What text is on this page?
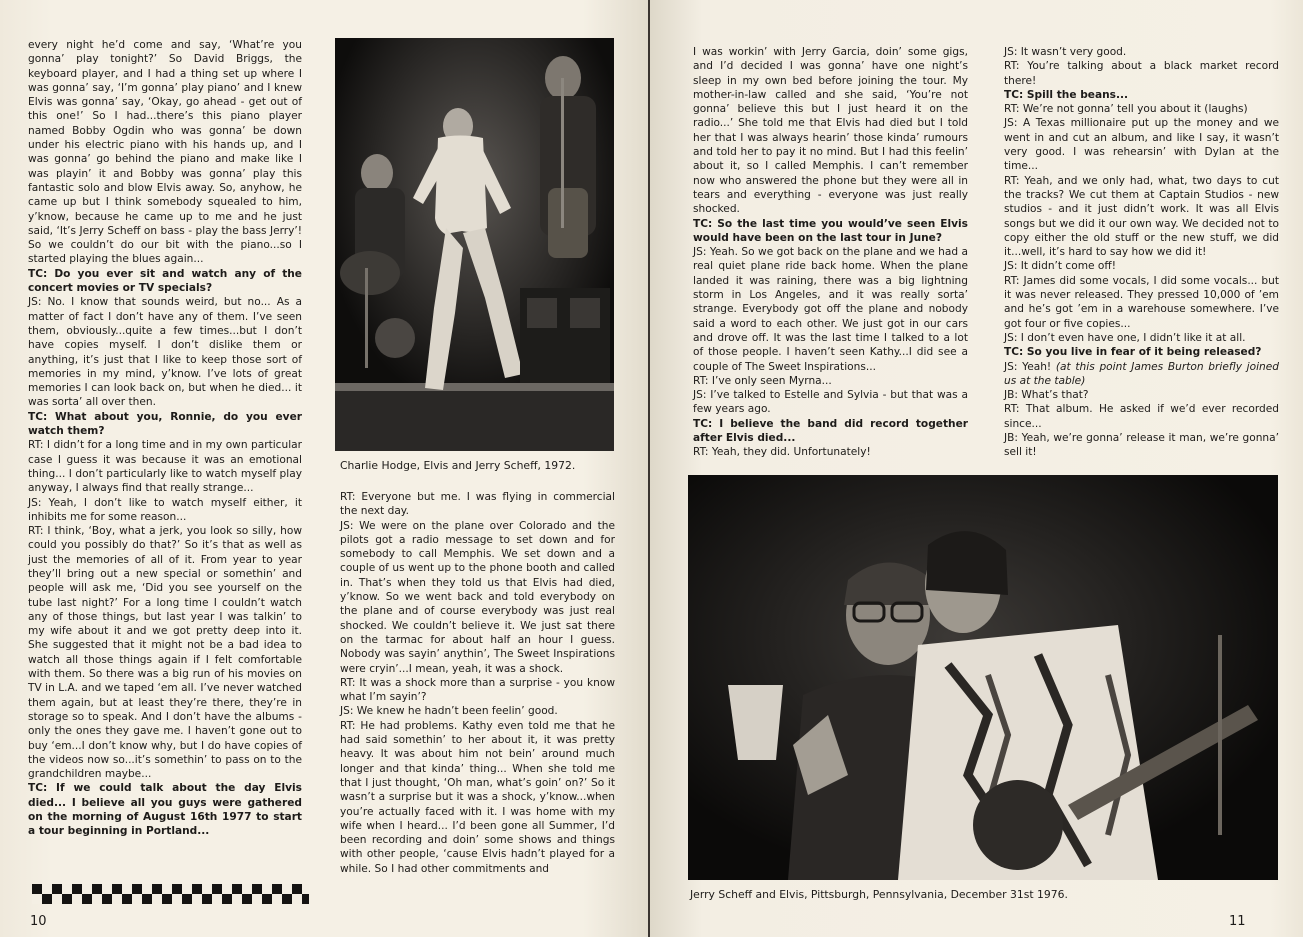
every night he’d come and say, ‘What’re you gonna’ play tonight?’ So David Briggs, the keyboard player, and I had a thing set up where I was gonna’ say, ‘I’m gonna’ play piano’ and I knew Elvis was gonna’ say, ‘Okay, go ahead - get out of this one!’ So I had...there’s this piano player named Bobby Ogdin who was gonna’ be down under his electric piano with his hands up, and I was gonna’ go behind the piano and make like I was playin’ it and Bobby was gonna’ play this fantastic solo and blow Elvis away. So, anyhow, he came up but I think somebody squealed to him, y’know, because he came up to me and he just said, ‘It’s Jerry Scheff on bass - play the bass Jerry’! So we couldn’t do our bit with the piano...so I started playing the blues again...

TC: Do you ever sit and watch any of the concert movies or TV specials?

JS: No. I know that sounds weird, but no... As a matter of fact I don’t have any of them. I’ve seen them, obviously...quite a few times...but I don’t have copies myself. I don’t dislike them or anything, it’s just that I like to keep those sort of memories in my mind, y’know. I’ve lots of great memories I can look back on, but when he died... it was sorta’ all over then.

TC: What about you, Ronnie, do you ever watch them?

RT: I didn’t for a long time and in my own particular case I guess it was because it was an emotional thing... I don’t particularly like to watch myself play anyway, I always find that really strange...

JS: Yeah, I don’t like to watch myself either, it inhibits me for some reason...

RT: I think, ‘Boy, what a jerk, you look so silly, how could you possibly do that?’ So it’s that as well as just the memories of all of it. From year to year they’ll bring out a new special or somethin’ and people will ask me, ‘Did you see yourself on the tube last night?’ For a long time I couldn’t watch any of those things, but last year I was talkin’ to my wife about it and we got pretty deep into it. She suggested that it might not be a bad idea to watch all those things again if I felt comfortable with them. So there was a big run of his movies on TV in L.A. and we taped ‘em all. I’ve never watched them again, but at least they’re there, they’re in storage so to speak. And I don’t have the albums - only the ones they gave me. I haven’t gone out to buy ‘em...I don’t know why, but I do have copies of the videos now so...it’s somethin’ to pass on to the grandchildren maybe...

TC: If we could talk about the day Elvis died... I believe all you guys were gathered on the morning of August 16th 1977 to start a tour beginning in Portland...

Charlie Hodge, Elvis and Jerry Scheff, 1972.

RT: Everyone but me. I was flying in commercial the next day.

JS: We were on the plane over Colorado and the pilots got a radio message to set down and for somebody to call Memphis. We set down and a couple of us went up to the phone booth and called in. That’s when they told us that Elvis had died, y’know. So we went back and told everybody on the plane and of course everybody was just real shocked. We couldn’t believe it. We just sat there on the tarmac for about half an hour I guess. Nobody was sayin’ anythin’, The Sweet Inspirations were cryin’...I mean, yeah, it was a shock.

RT: It was a shock more than a surprise - you know what I’m sayin’?

JS: We knew he hadn’t been feelin’ good.

RT: He had problems. Kathy even told me that he had said somethin’ to her about it, it was pretty heavy. It was about him not bein’ around much longer and that kinda’ thing... When she told me that I just thought, ‘Oh man, what’s goin’ on?’ So it wasn’t a surprise but it was a shock, y’know...when you’re actually faced with it. I was home with my wife when I heard... I’d been gone all Summer, I’d been recording and doin’ some shows and things with other people, ‘cause Elvis hadn’t played for a while. So I had other commitments and

10

I was workin’ with Jerry Garcia, doin’ some gigs, and I’d decided I was gonna’ have one night’s sleep in my own bed before joining the tour. My mother-in-law called and she said, ‘You’re not gonna’ believe this but I just heard it on the radio...’ She told me that Elvis had died but I told her that I was always hearin’ those kinda’ rumours and told her to pay it no mind. But I had this feelin’ about it, so I called Memphis. I can’t remember now who answered the phone but they were all in tears and everything - everyone was just really shocked.

TC: So the last time you would’ve seen Elvis would have been on the last tour in June?

JS: Yeah. So we got back on the plane and we had a real quiet plane ride back home. When the plane landed it was raining, there was a big lightning storm in Los Angeles, and it was really sorta’ strange. Everybody got off the plane and nobody said a word to each other. We just got in our cars and drove off. It was the last time I talked to a lot of those people. I haven’t seen Kathy...I did see a couple of The Sweet Inspirations...

RT: I’ve only seen Myrna...

JS: I’ve talked to Estelle and Sylvia - but that was a few years ago.

TC: I believe the band did record together after Elvis died...

RT: Yeah, they did. Unfortunately!

JS: It wasn’t very good.

RT: You’re talking about a black market record there!

TC: Spill the beans...

RT: We’re not gonna’ tell you about it (laughs)

JS: A Texas millionaire put up the money and we went in and cut an album, and like I say, it wasn’t very good. I was rehearsin’ with Dylan at the time...

RT: Yeah, and we only had, what, two days to cut the tracks? We cut them at Captain Studios - new studios - and it just didn’t work. It was all Elvis songs but we did it our own way. We decided not to copy either the old stuff or the new stuff, we did it...well, it’s hard to say how we did it!

JS: It didn’t come off!

RT: James did some vocals, I did some vocals... but it was never released. They pressed 10,000 of ’em and he’s got ’em in a warehouse somewhere. I’ve got four or five copies...

JS: I don’t even have one, I didn’t like it at all.

TC: So you live in fear of it being released?

JS: Yeah! (at this point James Burton briefly joined us at the table)

JB: What’s that?

RT: That album. He asked if we’d ever recorded since...

JB: Yeah, we’re gonna’ release it man, we’re gonna’ sell it!

Jerry Scheff and Elvis, Pittsburgh, Pennsylvania, December 31st 1976.
11
